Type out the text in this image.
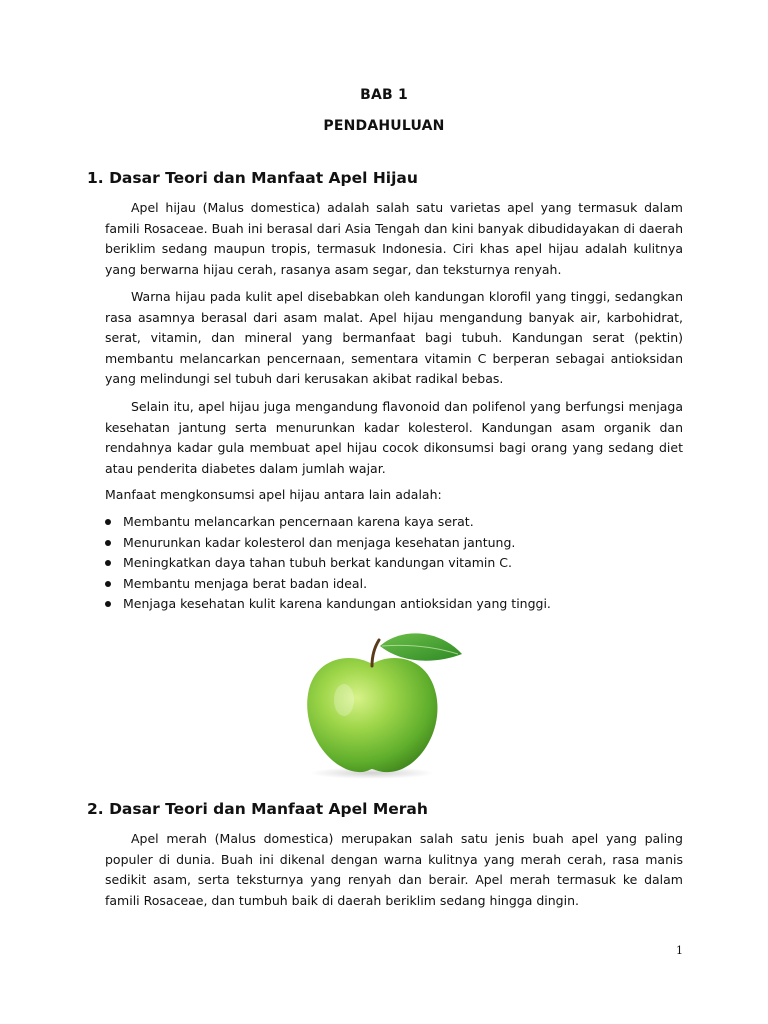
BAB 1
PENDAHULUAN
1. Dasar Teori dan Manfaat Apel Hijau

Apel hijau (Malus domestica) adalah salah satu varietas apel yang termasuk dalam famili Rosaceae. Buah ini berasal dari Asia Tengah dan kini banyak dibudidayakan di daerah beriklim sedang maupun tropis, termasuk Indonesia. Ciri khas apel hijau adalah kulitnya yang berwarna hijau cerah, rasanya asam segar, dan teksturnya renyah.

Warna hijau pada kulit apel disebabkan oleh kandungan klorofil yang tinggi, sedangkan rasa asamnya berasal dari asam malat. Apel hijau mengandung banyak air, karbohidrat, serat, vitamin, dan mineral yang bermanfaat bagi tubuh. Kandungan serat (pektin) membantu melancarkan pencernaan, sementara vitamin C berperan sebagai antioksidan yang melindungi sel tubuh dari kerusakan akibat radikal bebas.

Selain itu, apel hijau juga mengandung flavonoid dan polifenol yang berfungsi menjaga kesehatan jantung serta menurunkan kadar kolesterol. Kandungan asam organik dan rendahnya kadar gula membuat apel hijau cocok dikonsumsi bagi orang yang sedang diet atau penderita diabetes dalam jumlah wajar.

Manfaat mengkonsumsi apel hijau antara lain adalah:
Membantu melancarkan pencernaan karena kaya serat.
Menurunkan kadar kolesterol dan menjaga kesehatan jantung.
Meningkatkan daya tahan tubuh berkat kandungan vitamin C.
Membantu menjaga berat badan ideal.
Menjaga kesehatan kulit karena kandungan antioksidan yang tinggi.
2. Dasar Teori dan Manfaat Apel Merah

Apel merah (Malus domestica) merupakan salah satu jenis buah apel yang paling populer di dunia. Buah ini dikenal dengan warna kulitnya yang merah cerah, rasa manis sedikit asam, serta teksturnya yang renyah dan berair. Apel merah termasuk ke dalam famili Rosaceae, dan tumbuh baik di daerah beriklim sedang hingga dingin.

1
